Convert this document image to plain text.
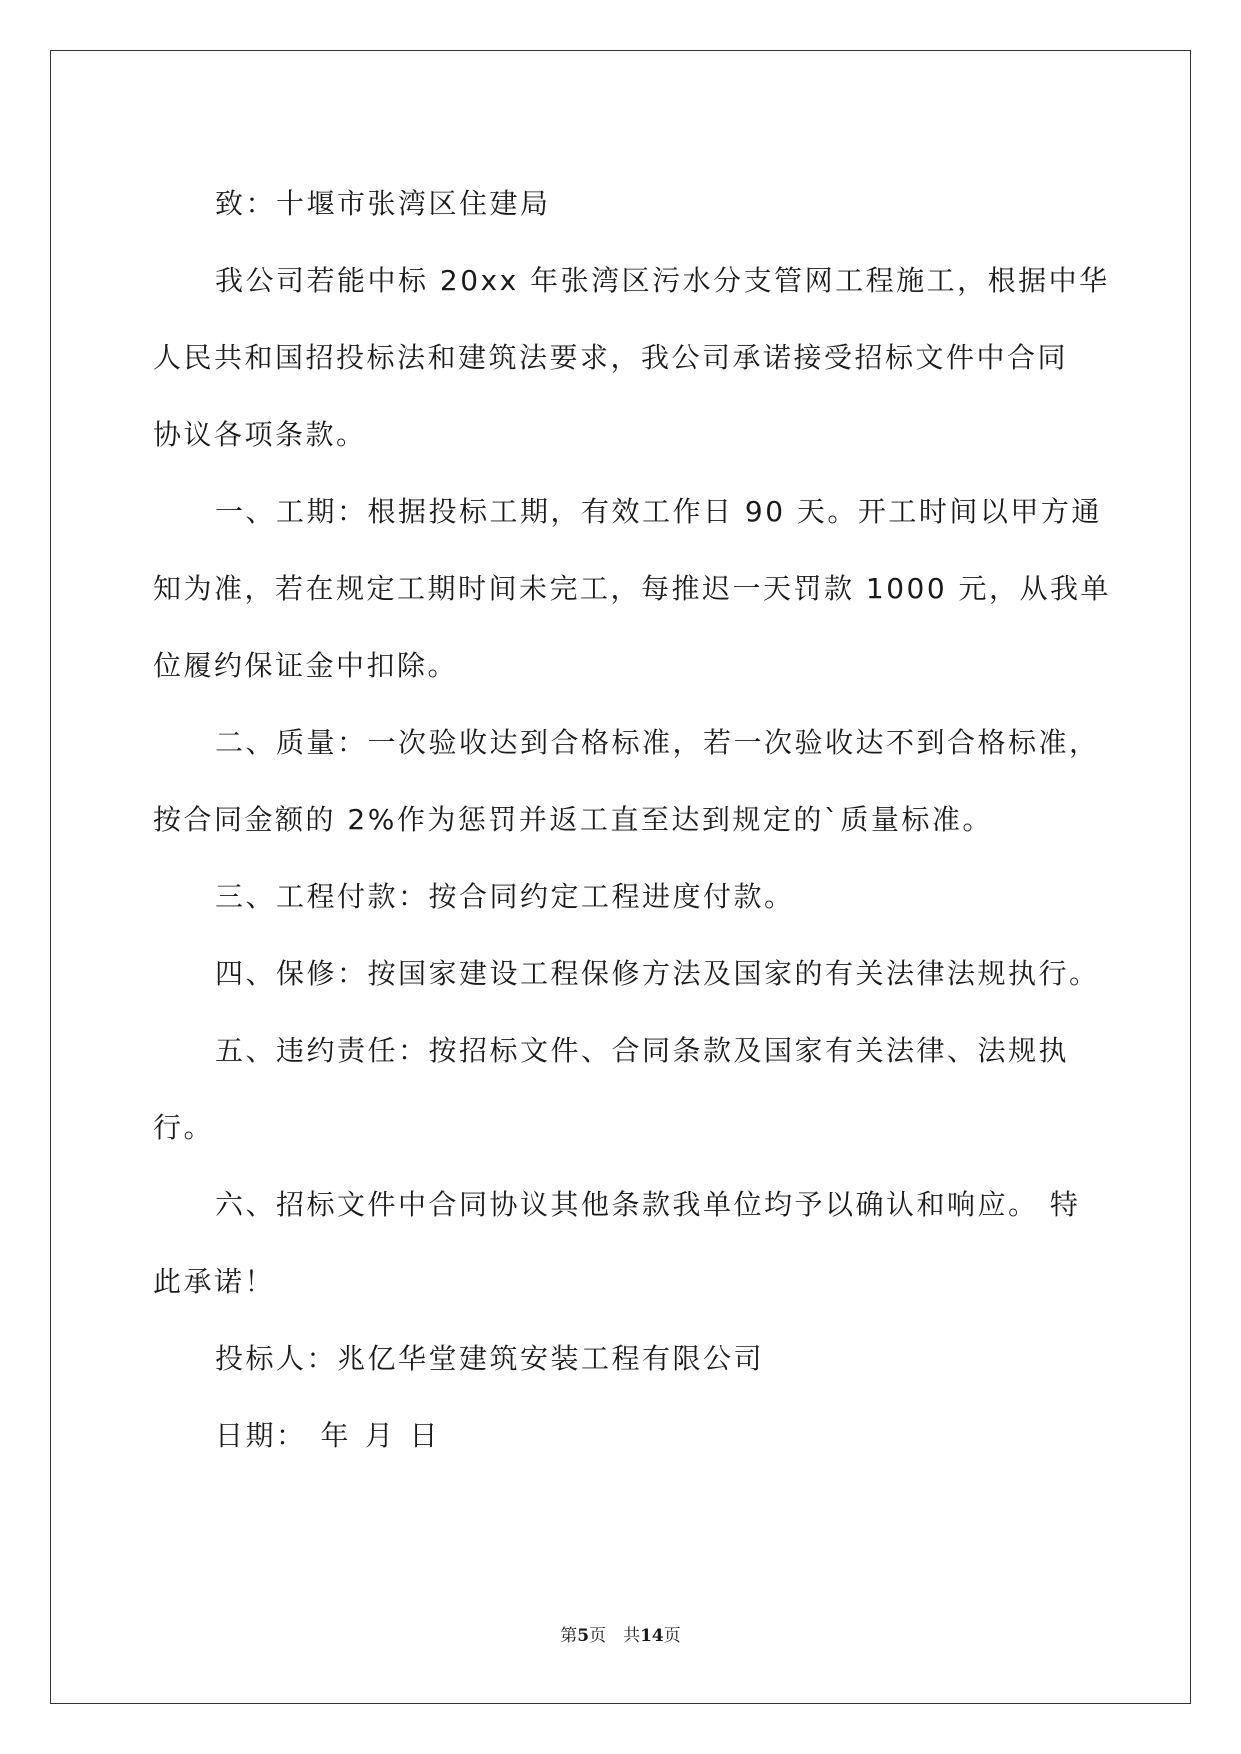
致：十堰市张湾区住建局

我公司若能中标 20xx 年张湾区污水分支管网工程施工，根据中华

人民共和国招投标法和建筑法要求，我公司承诺接受招标文件中合同

协议各项条款。

一、工期：根据投标工期，有效工作日 90 天。开工时间以甲方通

知为准，若在规定工期时间未完工，每推迟一天罚款 1000 元，从我单

位履约保证金中扣除。

二、质量：一次验收达到合格标准，若一次验收达不到合格标准，

按合同金额的 2%作为惩罚并返工直至达到规定的`质量标准。

三、工程付款：按合同约定工程进度付款。

四、保修：按国家建设工程保修方法及国家的有关法律法规执行。

五、违约责任：按招标文件、合同条款及国家有关法律、法规执

行。

六、招标文件中合同协议其他条款我单位均予以确认和响应。 特

此承诺！

投标人：兆亿华堂建筑安装工程有限公司

日期： 年 月 日

第5页　共14页
